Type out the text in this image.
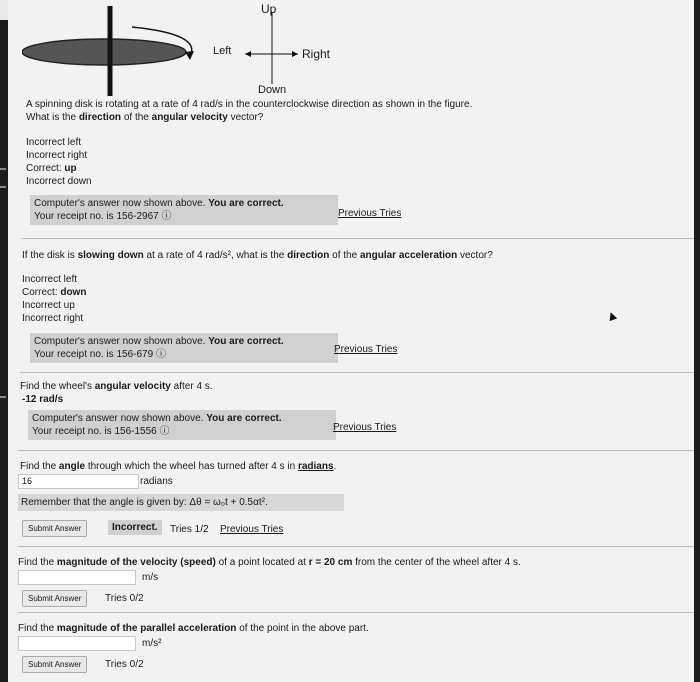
Up
Left	Right
Down
A spinning disk is rotating at a rate of 4 rad/s in the counterclockwise direction as shown in the figure.
What is the direction of the angular velocity vector?
Incorrect left
Incorrect right
Correct: up
Incorrect down
Computer's answer now shown above. You are correct.
Your receipt no. is 156-2967 ⓘ	Previous Tries
If the disk is slowing down at a rate of 4 rad/s², what is the direction of the angular acceleration vector?
Incorrect left
Correct: down
Incorrect up
Incorrect right
Computer's answer now shown above. You are correct.
Your receipt no. is 156-679 ⓘ	Previous Tries
Find the wheel's angular velocity after 4 s.
-12 rad/s
Computer's answer now shown above. You are correct.
Your receipt no. is 156-1556 ⓘ	Previous Tries
Find the angle through which the wheel has turned after 4 s in radians.
16	radians
Remember that the angle is given by: Δθ = ω₀t + 0.5αt².
Submit Answer	Incorrect.	Tries 1/2 Previous Tries
Find the magnitude of the velocity (speed) of a point located at r = 20 cm from the center of the wheel after 4 s.
m/s
Submit Answer	Tries 0/2
Find the magnitude of the parallel acceleration of the point in the above part.
m/s²
Submit Answer	Tries 0/2
